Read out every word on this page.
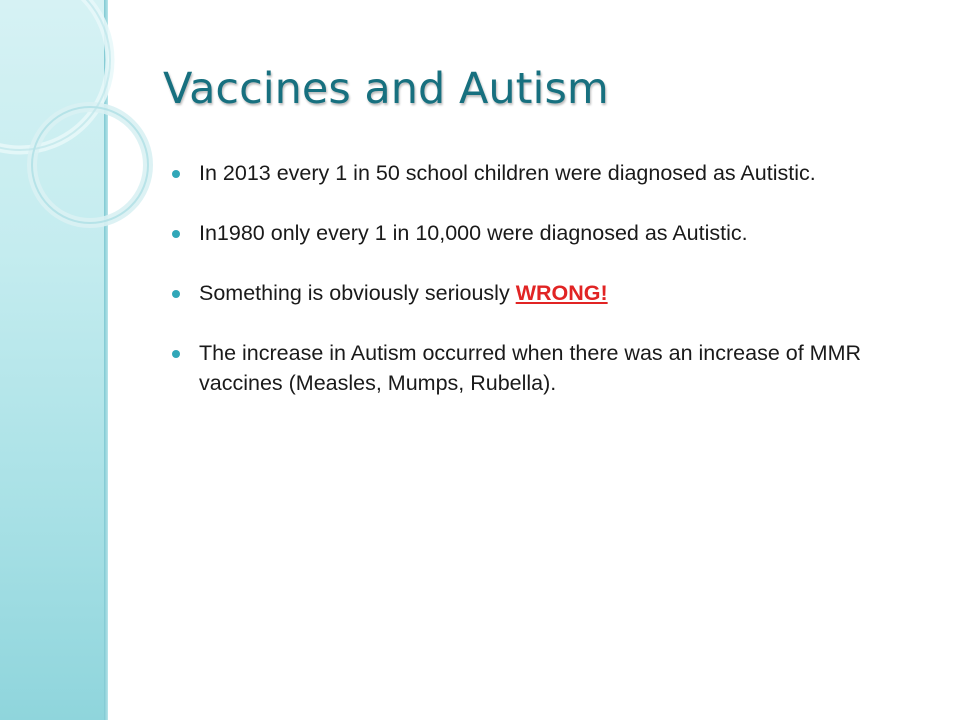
Vaccines and Autism
In 2013 every 1 in 50 school children were diagnosed as Autistic.
In1980 only every 1 in 10,000 were diagnosed as Autistic.
Something is obviously seriously WRONG!
The increase in Autism occurred when there was an increase of MMR vaccines (Measles, Mumps, Rubella).
